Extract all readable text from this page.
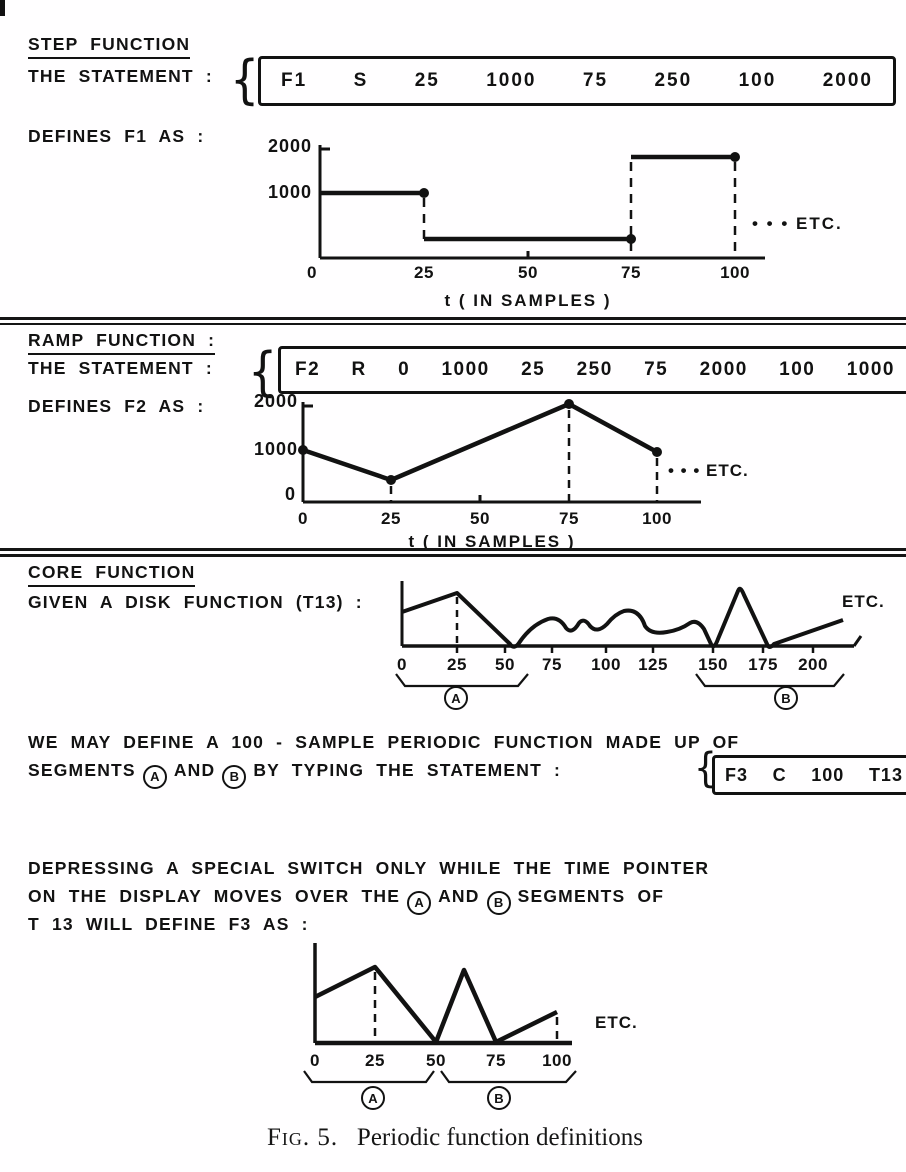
STEP FUNCTION
THE STATEMENT : { F1 S 25 1000 75 250 100 2000
DEFINES F1 AS :	2000
1000
0	25	50	75	100
t ( IN SAMPLES )
• • • ETC.
RAMP FUNCTION :
THE STATEMENT : { F2 R 0 1000 25 250 75 2000 100 1000
DEFINES F2 AS :	2000
1000
0
0	25	50	75	100
t ( IN SAMPLES )
• • • ETC.
CORE FUNCTION
GIVEN A DISK FUNCTION (T13) :
0	25	50	75	100	125	150	175	200
ETC.
A	B
WE MAY DEFINE A 100 - SAMPLE PERIODIC FUNCTION MADE UP OF
SEGMENTS A AND B BY TYPING THE STATEMENT :	{ F3 C 100 T13
DEPRESSING A SPECIAL SWITCH ONLY WHILE THE TIME POINTER
ON THE DISPLAY MOVES OVER THE A AND B SEGMENTS OF
T 13 WILL DEFINE F3 AS :
0	25	50	75	100
ETC.
A	B
Fig. 5. Periodic function definitions
